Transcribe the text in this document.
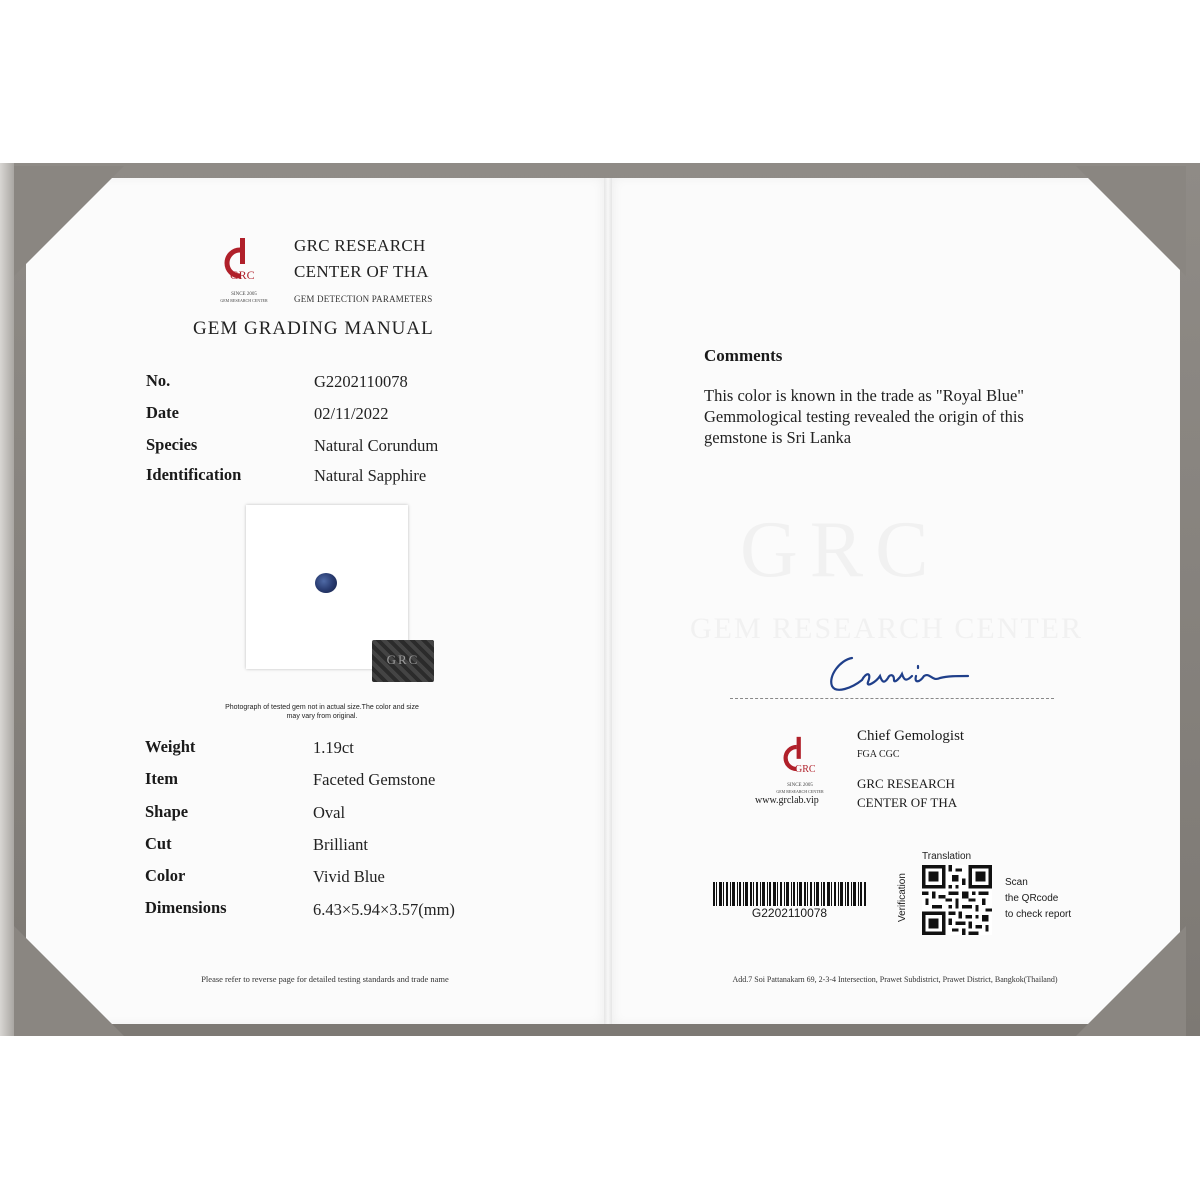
GRC
SINCE 2005
GEM RESEARCH CENTER
GRC RESEARCH
CENTER OF THA
GEM DETECTION PARAMETERS
GEM GRADING MANUAL
No.	G2202110078
Date	02/11/2022
Species	Natural Corundum
Identification	Natural Sapphire
GRC
Photograph of tested gem not in actual size.The color and size may vary from original.
Weight	1.19ct
Item	Faceted Gemstone
Shape	Oval
Cut	Brilliant
Color	Vivid Blue
Dimensions	6.43×5.94×3.57(mm)
Please refer to reverse page for detailed testing standards and trade name
GRC
GEM RESEARCH CENTER
Comments
This color is known in the trade as "Royal Blue"
Gemmological testing revealed the origin of this
gemstone is Sri Lanka
GRC
SINCE 2005
GEM RESEARCH CENTER
www.grclab.vip
Chief Gemologist
FGA CGC
GRC RESEARCH
CENTER OF THA
G2202110078
Translation
Verification	Scan
the QRcode
to check report
Add.7 Soi Pattanakarn 69, 2-3-4 Intersection, Prawet Subdistrict, Prawet District, Bangkok(Thailand)
